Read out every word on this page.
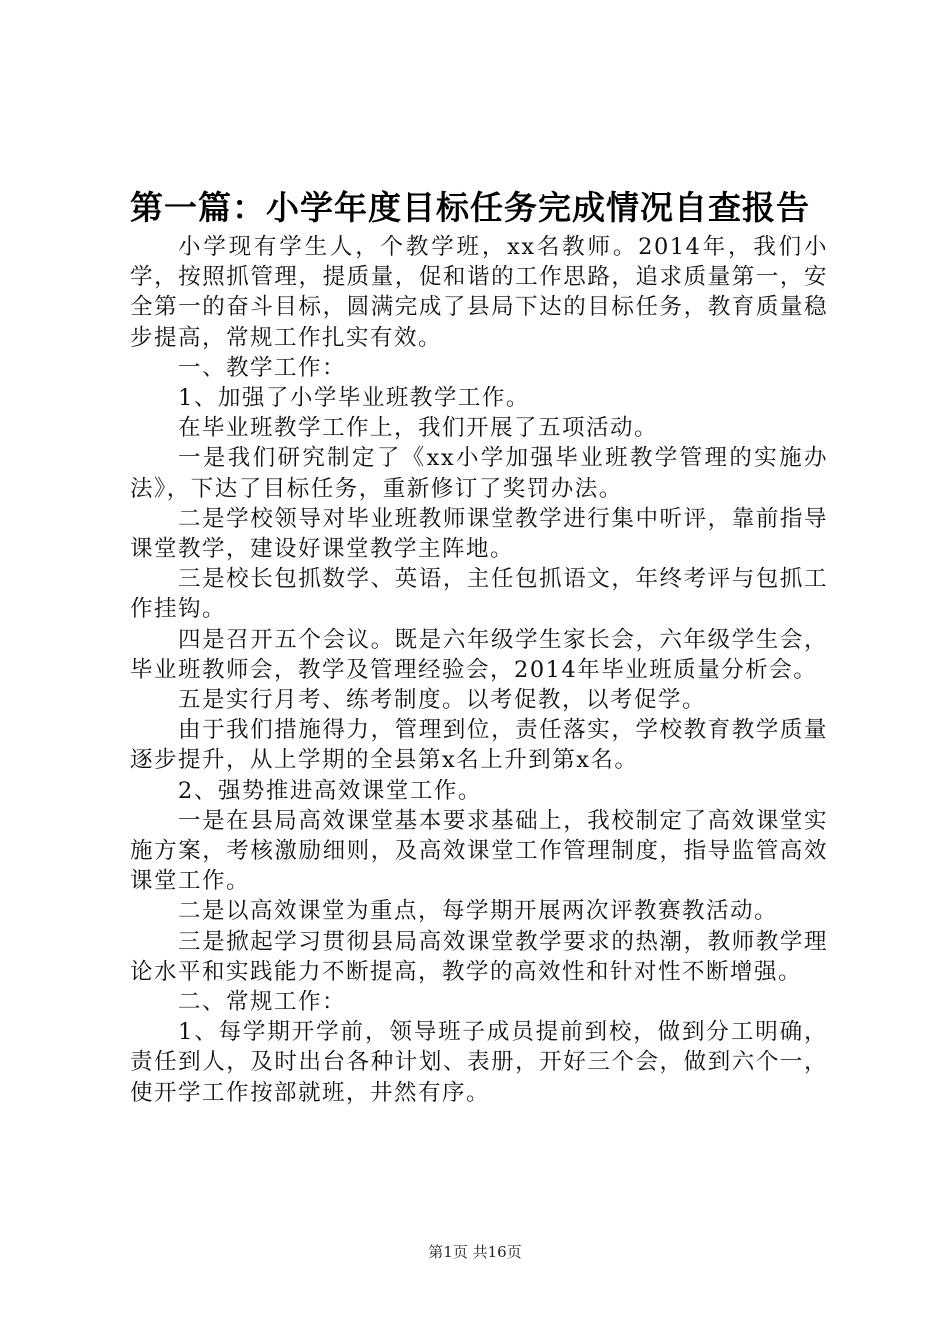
第一篇：小学年度目标任务完成情况自查报告

小学现有学生人，个教学班，xx名教师。2014年，我们小学，按照抓管理，提质量，促和谐的工作思路，追求质量第一，安全第一的奋斗目标，圆满完成了县局下达的目标任务，教育质量稳步提高，常规工作扎实有效。

一、教学工作：

1、加强了小学毕业班教学工作。

在毕业班教学工作上，我们开展了五项活动。

一是我们研究制定了《xx小学加强毕业班教学管理的实施办法》，下达了目标任务，重新修订了奖罚办法。

二是学校领导对毕业班教师课堂教学进行集中听评，靠前指导课堂教学，建设好课堂教学主阵地。

三是校长包抓数学、英语，主任包抓语文，年终考评与包抓工作挂钩。

四是召开五个会议。既是六年级学生家长会，六年级学生会，毕业班教师会，教学及管理经验会，2014年毕业班质量分析会。

五是实行月考、练考制度。以考促教，以考促学。

由于我们措施得力，管理到位，责任落实，学校教育教学质量逐步提升，从上学期的全县第x名上升到第x名。

2、强势推进高效课堂工作。

一是在县局高效课堂基本要求基础上，我校制定了高效课堂实施方案，考核激励细则，及高效课堂工作管理制度，指导监管高效课堂工作。

二是以高效课堂为重点，每学期开展两次评教赛教活动。

三是掀起学习贯彻县局高效课堂教学要求的热潮，教师教学理论水平和实践能力不断提高，教学的高效性和针对性不断增强。

二、常规工作：

1、每学期开学前，领导班子成员提前到校，做到分工明确，责任到人，及时出台各种计划、表册，开好三个会，做到六个一，使开学工作按部就班，井然有序。

第1页 共16页
